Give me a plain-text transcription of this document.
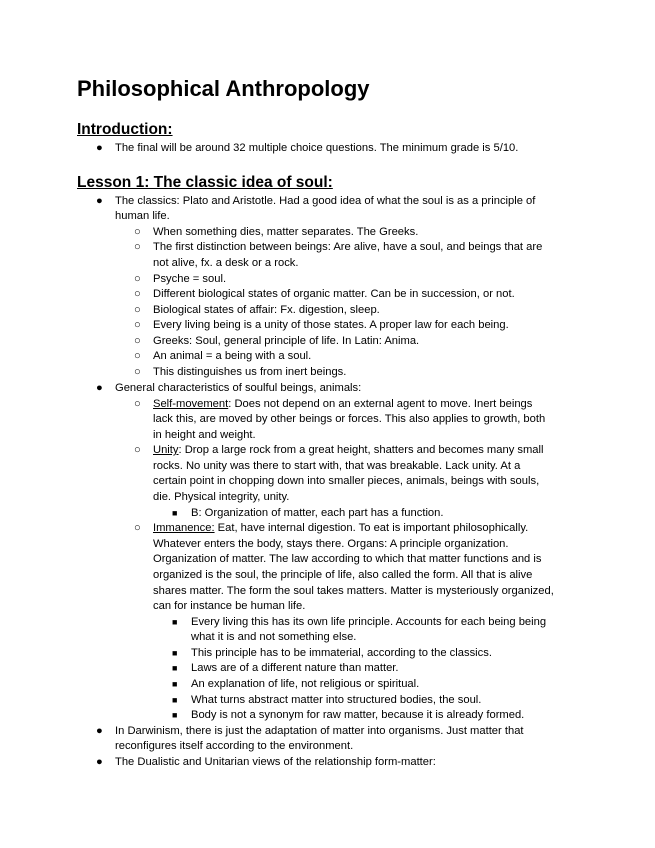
Philosophical Anthropology
Introduction:
● The final will be around 32 multiple choice questions. The minimum grade is 5/10.
Lesson 1: The classic idea of soul:
● The classics: Plato and Aristotle. Had a good idea of what the soul is as a principle of
human life.
○ When something dies, matter separates. The Greeks.
○ The first distinction between beings: Are alive, have a soul, and beings that are
not alive, fx. a desk or a rock.
○ Psyche = soul.
○ Different biological states of organic matter. Can be in succession, or not.
○ Biological states of affair: Fx. digestion, sleep.
○ Every living being is a unity of those states. A proper law for each being.
○ Greeks: Soul, general principle of life. In Latin: Anima.
○ An animal = a being with a soul.
○ This distinguishes us from inert beings.
● General characteristics of soulful beings, animals:
○ Self-movement: Does not depend on an external agent to move. Inert beings
lack this, are moved by other beings or forces. This also applies to growth, both
in height and weight.
○ Unity: Drop a large rock from a great height, shatters and becomes many small
rocks. No unity was there to start with, that was breakable. Lack unity. At a
certain point in chopping down into smaller pieces, animals, beings with souls,
die. Physical integrity, unity.
■ B: Organization of matter, each part has a function.
○ Immanence: Eat, have internal digestion. To eat is important philosophically.
Whatever enters the body, stays there. Organs: A principle organization.
Organization of matter. The law according to which that matter functions and is
organized is the soul, the principle of life, also called the form. All that is alive
shares matter. The form the soul takes matters. Matter is mysteriously organized,
can for instance be human life.
■ Every living this has its own life principle. Accounts for each being being
what it is and not something else.
■ This principle has to be immaterial, according to the classics.
■ Laws are of a different nature than matter.
■ An explanation of life, not religious or spiritual.
■ What turns abstract matter into structured bodies, the soul.
■ Body is not a synonym for raw matter, because it is already formed.
● In Darwinism, there is just the adaptation of matter into organisms. Just matter that
reconfigures itself according to the environment.
● The Dualistic and Unitarian views of the relationship form-matter:
